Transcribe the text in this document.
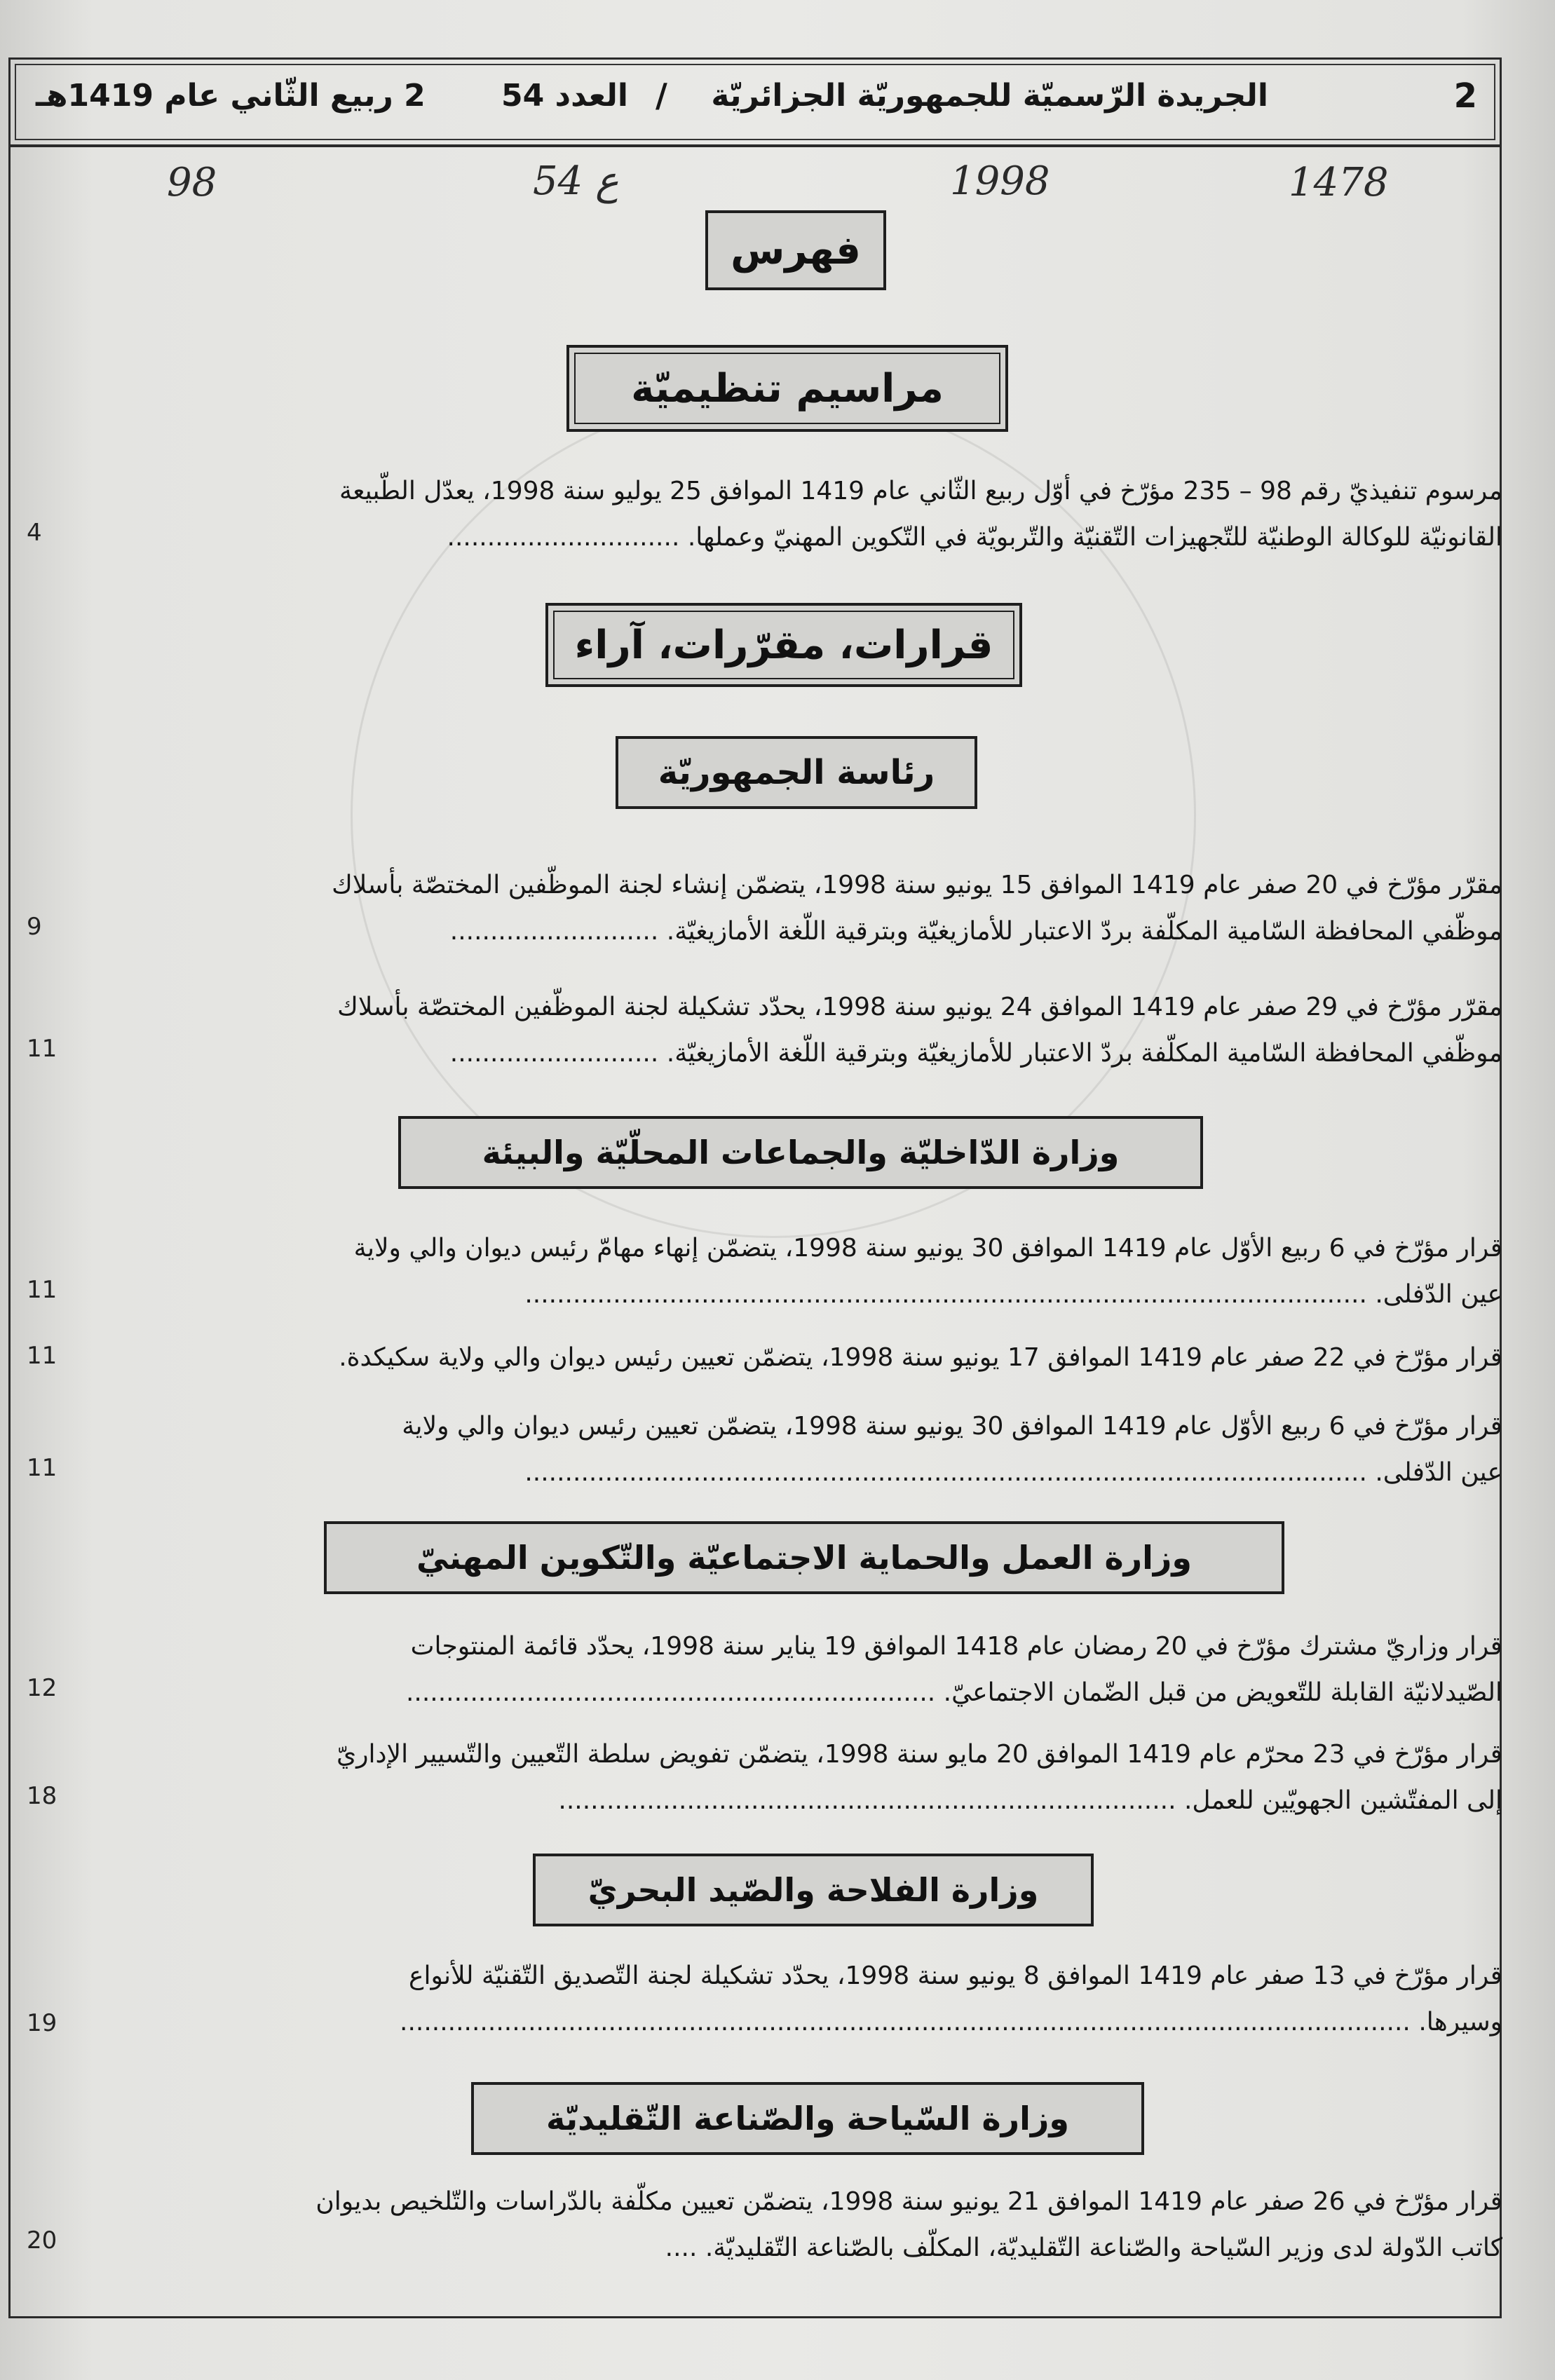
2
الجريدة الرّسميّة للجمهوريّة الجزائريّة
/
العدد 54
2 ربيع الثّاني عام 1419هـ
1478
1998
ع 54
98
فهرس
مراسيم تنظيميّة
مرسوم تنفيذيّ رقم 98 – 235 مؤرّخ في أوّل ربيع الثّاني عام 1419 الموافق 25 يوليو سنة 1998، يعدّل الطّبيعة
القانونيّة للوكالة الوطنيّة للتّجهيزات التّقنيّة والتّربويّة في التّكوين المهنيّ وعملها. .............................
4
قرارات، مقرّرات، آراء
رئاسة الجمهوريّة
مقرّر مؤرّخ في 20 صفر عام 1419 الموافق 15 يونيو سنة 1998، يتضمّن إنشاء لجنة الموظّفين المختصّة بأسلاك
موظّفي المحافظة السّامية المكلّفة بردّ الاعتبار للأمازيغيّة وبترقية اللّغة الأمازيغيّة. ..........................
9
مقرّر مؤرّخ في 29 صفر عام 1419 الموافق 24 يونيو سنة 1998، يحدّد تشكيلة لجنة الموظّفين المختصّة بأسلاك
موظّفي المحافظة السّامية المكلّفة بردّ الاعتبار للأمازيغيّة وبترقية اللّغة الأمازيغيّة. ..........................
11
وزارة الدّاخليّة والجماعات المحلّيّة والبيئة
قرار مؤرّخ في 6 ربيع الأوّل عام 1419 الموافق 30 يونيو سنة 1998، يتضمّن إنهاء مهامّ رئيس ديوان والي ولاية
عين الدّفلى. .........................................................................................................
11
قرار مؤرّخ في 22 صفر عام 1419 الموافق 17 يونيو سنة 1998، يتضمّن تعيين رئيس ديوان والي ولاية سكيكدة.
11
قرار مؤرّخ في 6 ربيع الأوّل عام 1419 الموافق 30 يونيو سنة 1998، يتضمّن تعيين رئيس ديوان والي ولاية
عين الدّفلى. .........................................................................................................
11
وزارة العمل والحماية الاجتماعيّة والتّكوين المهنيّ
قرار وزاريّ مشترك مؤرّخ في 20 رمضان عام 1418 الموافق 19 يناير سنة 1998، يحدّد قائمة المنتوجات
الصّيدلانيّة القابلة للتّعويض من قبل الضّمان الاجتماعيّ. ..................................................................
12
قرار مؤرّخ في 23 محرّم عام 1419 الموافق 20 مايو سنة 1998، يتضمّن تفويض سلطة التّعيين والتّسيير الإداريّ
إلى المفتّشين الجهويّين للعمل. .............................................................................
18
وزارة الفلاحة والصّيد البحريّ
قرار مؤرّخ في 13 صفر عام 1419 الموافق 8 يونيو سنة 1998، يحدّد تشكيلة لجنة التّصديق التّقنيّة للأنواع
وسيرها. ..............................................................................................................................
19
وزارة السّياحة والصّناعة التّقليديّة
قرار مؤرّخ في 26 صفر عام 1419 الموافق 21 يونيو سنة 1998، يتضمّن تعيين مكلّفة بالدّراسات والتّلخيص بديوان
كاتب الدّولة لدى وزير السّياحة والصّناعة التّقليديّة، المكلّف بالصّناعة التّقليديّة. ....
20
